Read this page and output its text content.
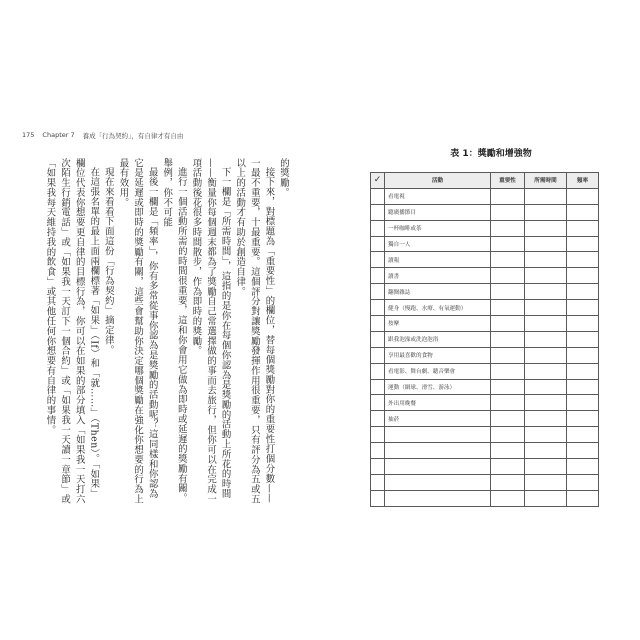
175 Chapter 7 養成「行為契約」，有自律才有自由

的獎勵。

接下來，對標題為「重要性」的欄位，替每個獎勵對你的重要性打個分數——一最不重要，十最重要。這個評分對讓獎勵發揮作用很重要，只有評分為五或五以上的活動才有助於創造自律。

下一欄是「所需時間」，這指的是你在每個你認為是獎勵的活動上所花的時間——衡量你每個週末都為了獎勵自己常選擇做的事而去旅行，但你可以在完成一項活動後花很多時間散步，作為即時的獎勵。

進行一個活動所需的時間很重要，這和你會用它做為即時或延遲的獎勵有關。舉例，你不可能

最後一欄是「頻率」，你有多常從事你認為是獎勵的活動呢？這同樣和你認為它是延遲或即時的獎勵有關，這些會幫助你決定哪個獎勵在強化你想要的行為上最有效用。

現在來看看下面這份「行為契約」摘定律。

在這張名單的最上面兩欄標著「如果」（If）和「就……」（Then）。「如果」欄位代表你想要更自律的目標行為，你可以在如果的部分填入「如果我一天打六次陌生行銷電話」或「如果我一天訂下一個合約」或「如果我一天讀一章節」或「如果我每天維持我的飲食」或其他任何你想要有自律的事情。

表 1：獎勵和增強物
✓	活動	重要性	所需時間	頻率
	看電視			
	聽廣播節目			
	一杯咖啡或茶			
	獨自一人			
	讀報			
	讀書			
	翻閱雜誌			
	健身（慢跑、水療、有氧運動）			
	按摩			
	跟我泡澡或洗泡泡浴			
	享用最喜歡的食物			
	看電影、舞台劇、聽音樂會			
	運動（網球、滑雪、游泳）			
	外出用晚餐			
	抽菸			
